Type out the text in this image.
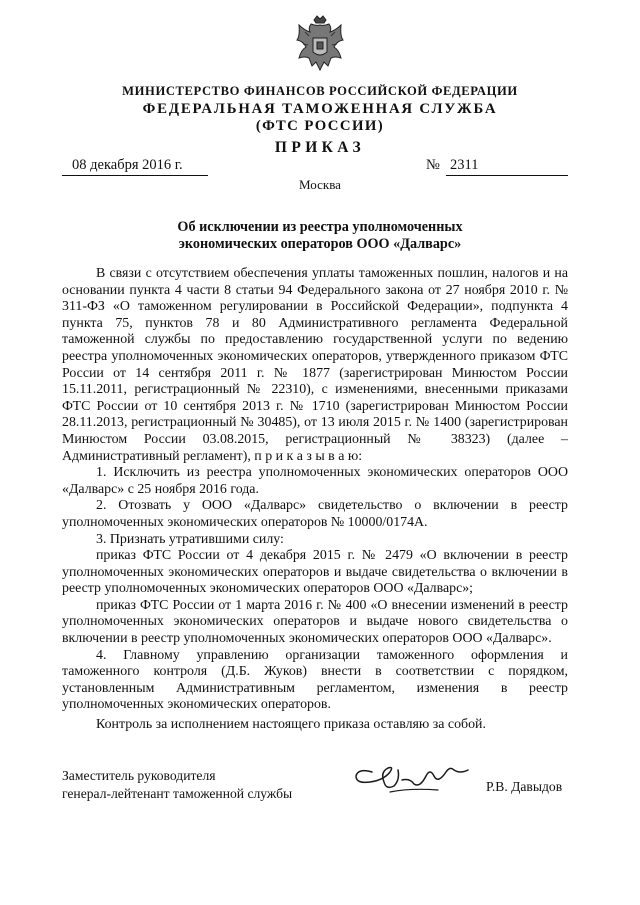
МИНИСТЕРСТВО ФИНАНСОВ РОССИЙСКОЙ ФЕДЕРАЦИИ
ФЕДЕРАЛЬНАЯ ТАМОЖЕННАЯ СЛУЖБА
(ФТС РОССИИ)
ПРИКАЗ
08 декабря 2016 г.	№ 2311
Москва
Об исключении из реестра уполномоченных
экономических операторов ООО «Далварс»

В связи с отсутствием обеспечения уплаты таможенных пошлин, налогов и на основании пункта 4 части 8 статьи 94 Федерального закона от 27 ноября 2010 г. № 311-ФЗ «О таможенном регулировании в Российской Федерации», подпункта 4 пункта 75, пунктов 78 и 80 Административного регламента Федеральной таможенной службы по предоставлению государственной услуги по ведению реестра уполномоченных экономических операторов, утвержденного приказом ФТС России от 14 сентября 2011 г. № 1877 (зарегистрирован Минюстом России 15.11.2011, регистрационный № 22310), с изменениями, внесенными приказами ФТС России от 10 сентября 2013 г. № 1710 (зарегистрирован Минюстом России 28.11.2013, регистрационный № 30485), от 13 июля 2015 г. № 1400 (зарегистрирован Минюстом России 03.08.2015, регистрационный № 38323) (далее – Административный регламент), п р и к а з ы в а ю:

1. Исключить из реестра уполномоченных экономических операторов ООО «Далварс» с 25 ноября 2016 года.

2. Отозвать у ООО «Далварс» свидетельство о включении в реестр уполномоченных экономических операторов № 10000/0174А.

3. Признать утратившими силу:

приказ ФТС России от 4 декабря 2015 г. № 2479 «О включении в реестр уполномоченных экономических операторов и выдаче свидетельства о включении в реестр уполномоченных экономических операторов ООО «Далварс»;

приказ ФТС России от 1 марта 2016 г. № 400 «О внесении изменений в реестр уполномоченных экономических операторов и выдаче нового свидетельства о включении в реестр уполномоченных экономических операторов ООО «Далварс».

4. Главному управлению организации таможенного оформления и таможенного контроля (Д.Б. Жуков) внести в соответствии с порядком, установленным Административным регламентом, изменения в реестр уполномоченных экономических операторов.

Контроль за исполнением настоящего приказа оставляю за собой.
Заместитель руководителя
генерал-лейтенант таможенной службы	Р.В. Давыдов
